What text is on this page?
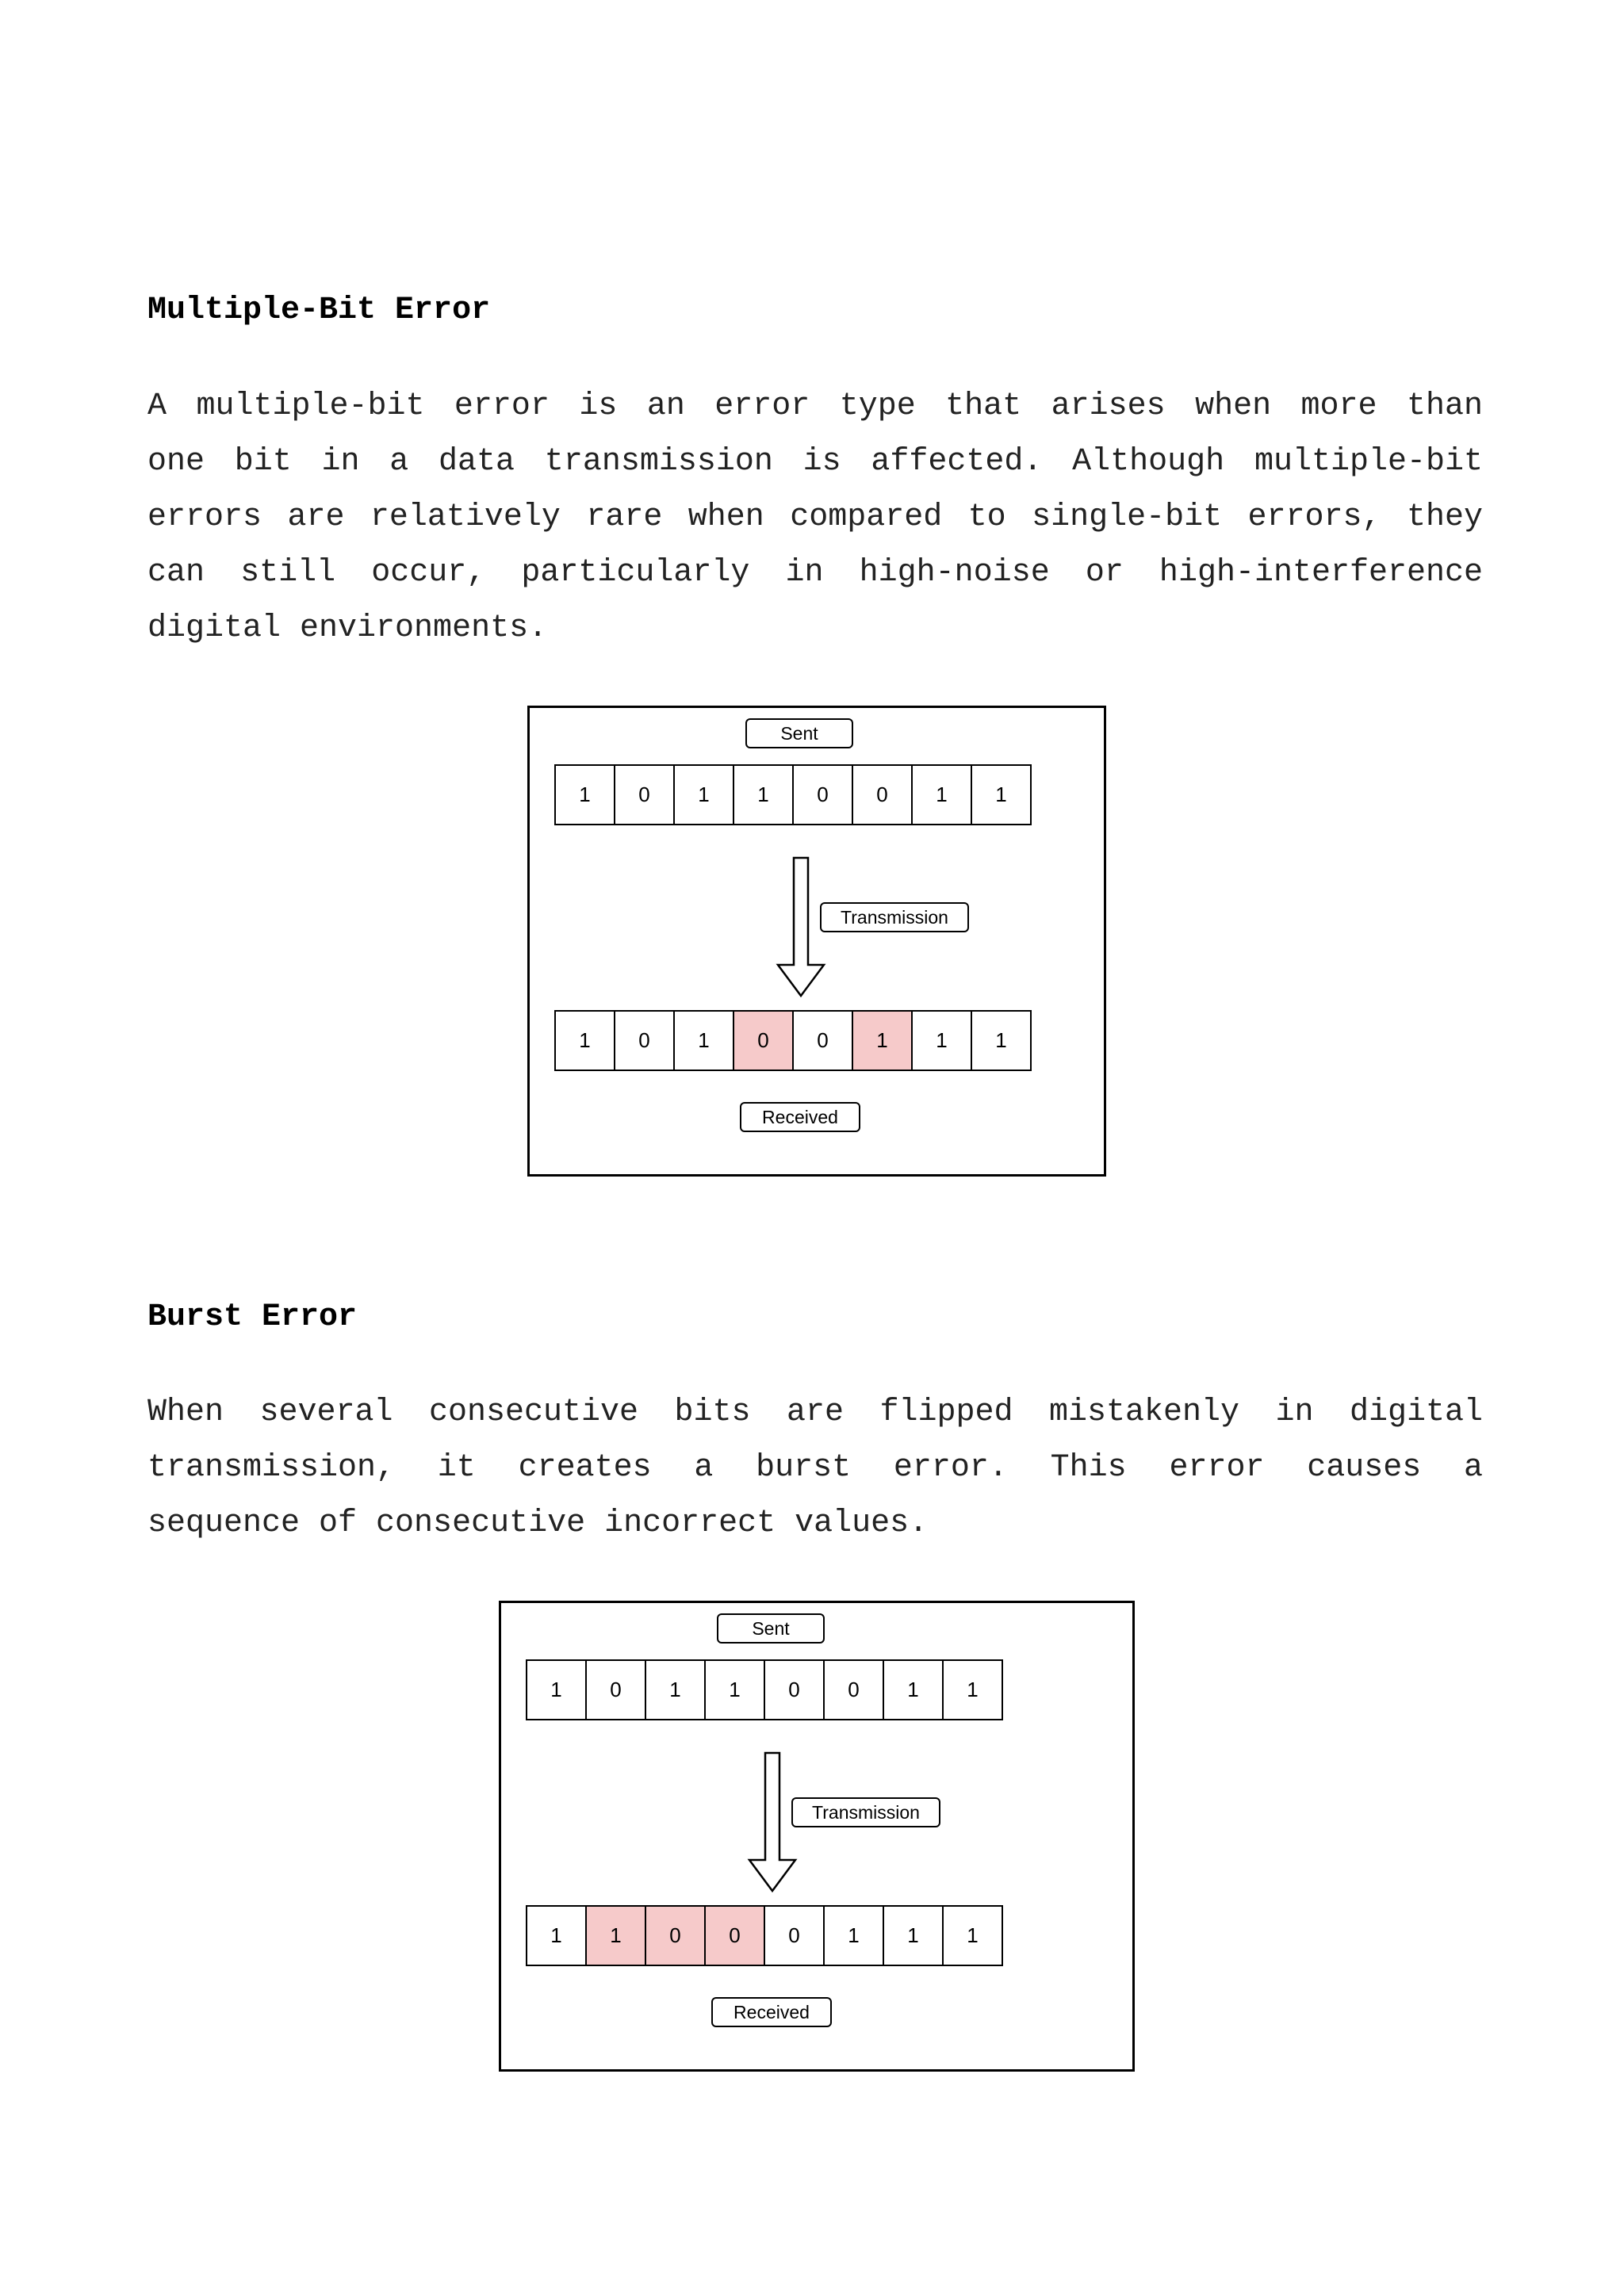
Multiple-Bit Error
A multiple-bit error is an error type that arises when more than
one bit in a data transmission is affected. Although multiple-bit
errors are relatively rare when compared to single-bit errors, they
can still occur, particularly in high-noise or high-interference
digital environments.
Sent
1	0	1	1	0	0	1	1
Transmission
1	0	1	0	0	1	1	1
Received
Burst Error
When several consecutive bits are flipped mistakenly in digital
transmission, it creates a burst error. This error causes a
sequence of consecutive incorrect values.
Sent
1	0	1	1	0	0	1	1
Transmission
1	1	0	0	0	1	1	1
Received
